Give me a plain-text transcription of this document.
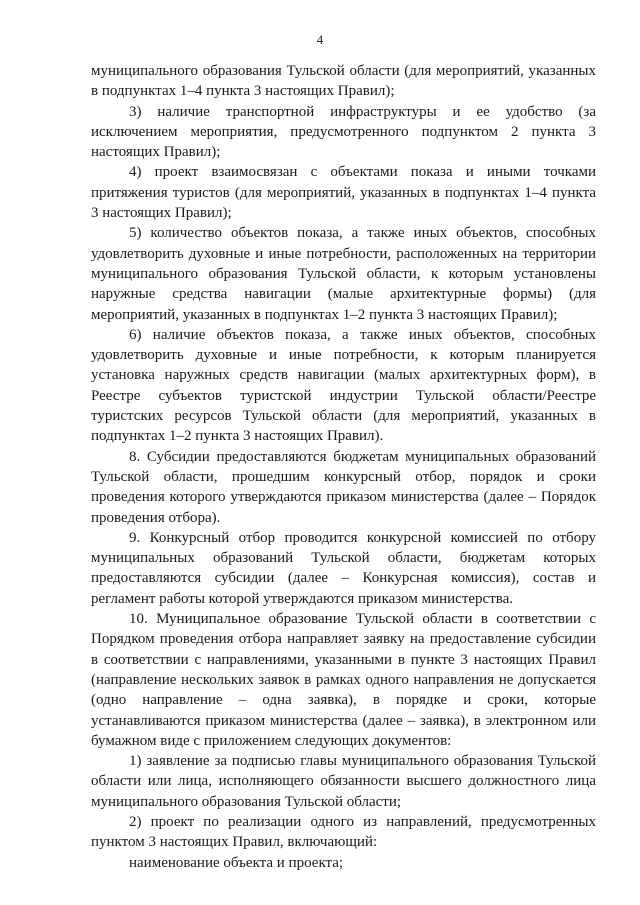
4

муниципального образования Тульской области (для мероприятий, указанных в подпунктах 1–4 пункта 3 настоящих Правил);

3) наличие транспортной инфраструктуры и ее удобство (за исключением мероприятия, предусмотренного подпунктом 2 пункта 3 настоящих Правил);

4) проект взаимосвязан с объектами показа и иными точками притяжения туристов (для мероприятий, указанных в подпунктах 1–4 пункта 3 настоящих Правил);

5) количество объектов показа, а также иных объектов, способных удовлетворить духовные и иные потребности, расположенных на территории муниципального образования Тульской области, к которым установлены наружные средства навигации (малые архитектурные формы) (для мероприятий, указанных в подпунктах 1–2 пункта 3 настоящих Правил);

6) наличие объектов показа, а также иных объектов, способных удовлетворить духовные и иные потребности, к которым планируется установка наружных средств навигации (малых архитектурных форм), в Реестре субъектов туристской индустрии Тульской области/Реестре туристских ресурсов Тульской области (для мероприятий, указанных в подпунктах 1–2 пункта 3 настоящих Правил).

8. Субсидии предоставляются бюджетам муниципальных образований Тульской области, прошедшим конкурсный отбор, порядок и сроки проведения которого утверждаются приказом министерства (далее – Порядок проведения отбора).

9. Конкурсный отбор проводится конкурсной комиссией по отбору муниципальных образований Тульской области, бюджетам которых предоставляются субсидии (далее – Конкурсная комиссия), состав и регламент работы которой утверждаются приказом министерства.

10. Муниципальное образование Тульской области в соответствии с Порядком проведения отбора направляет заявку на предоставление субсидии в соответствии с направлениями, указанными в пункте 3 настоящих Правил (направление нескольких заявок в рамках одного направления не допускается (одно направление – одна заявка), в порядке и сроки, которые устанавливаются приказом министерства (далее – заявка), в электронном или бумажном виде с приложением следующих документов:

1) заявление за подписью главы муниципального образования Тульской области или лица, исполняющего обязанности высшего должностного лица муниципального образования Тульской области;

2) проект по реализации одного из направлений, предусмотренных пунктом 3 настоящих Правил, включающий:

наименование объекта и проекта;
